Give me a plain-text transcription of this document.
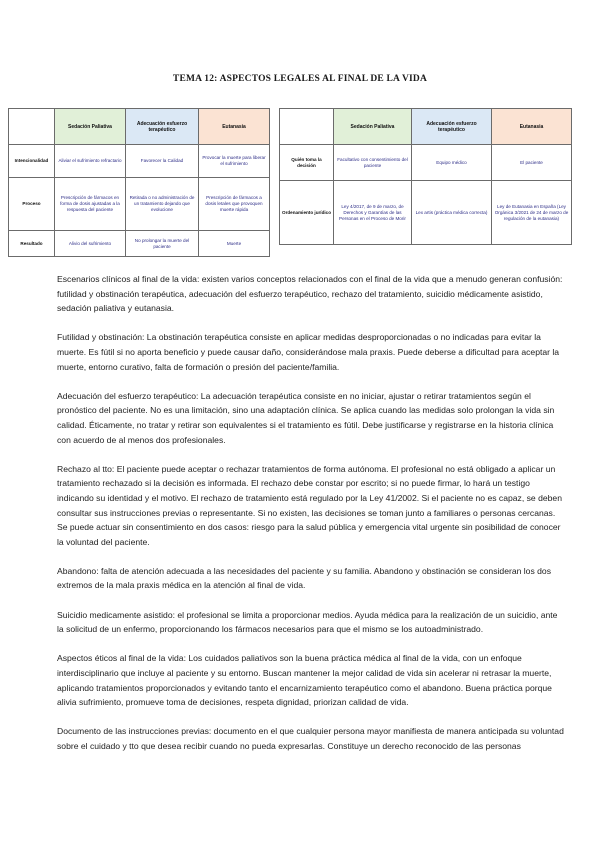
TEMA 12: ASPECTOS LEGALES AL FINAL DE LA VIDA
	Sedación Paliativa	Adecuación esfuerzo terapéutico	Eutanasia
Intencionalidad	Aliviar el sufrimiento refractario	Favorecer la Calidad	Provocar la muerte para liberar el sufrimiento
Proceso	Prescripción de fármacos en forma de dosis ajustadas a la respuesta del paciente	Retirada o no administración de un tratamiento dejando que evolucione	Prescripción de fármacos a dosis letales que provoquen muerte rápida
Resultado	Alivio del sufrimiento	No prolongar la muerte del paciente	Muerte
	Sedación Paliativa	Adecuación esfuerzo terapéutico	Eutanasia
Quién toma la decisión	Facultativo con consentimiento del paciente	Equipo médico	El paciente
Ordenamiento jurídico	Ley 4/2017, de 9 de marzo, de Derechos y Garantías de las Personas en el Proceso de Morir	Lex artis (práctica médica correcta)	Ley de Eutanasia en España (Ley Orgánica 3/2021 de 24 de marzo de regulación de la eutanasia)

Escenarios clínicos al final de la vida: existen varios conceptos relacionados con el final de la vida que a menudo generan confusión: futilidad y obstinación terapéutica, adecuación del esfuerzo terapéutico, rechazo del tratamiento, suicidio médicamente asistido, sedación paliativa y eutanasia.

Futilidad y obstinación: La obstinación terapéutica consiste en aplicar medidas desproporcionadas o no indicadas para evitar la muerte. Es fútil si no aporta beneficio y puede causar daño, considerándose mala praxis. Puede deberse a dificultad para aceptar la muerte, entorno curativo, falta de formación o presión del paciente/familia.

Adecuación del esfuerzo terapéutico: La adecuación terapéutica consiste en no iniciar, ajustar o retirar tratamientos según el pronóstico del paciente. No es una limitación, sino una adaptación clínica. Se aplica cuando las medidas solo prolongan la vida sin calidad. Éticamente, no tratar y retirar son equivalentes si el tratamiento es fútil. Debe justificarse y registrarse en la historia clínica con acuerdo de al menos dos profesionales.

Rechazo al tto: El paciente puede aceptar o rechazar tratamientos de forma autónoma. El profesional no está obligado a aplicar un tratamiento rechazado si la decisión es informada. El rechazo debe constar por escrito; si no puede firmar, lo hará un testigo indicando su identidad y el motivo. El rechazo de tratamiento está regulado por la Ley 41/2002. Si el paciente no es capaz, se deben consultar sus instrucciones previas o representante. Si no existen, las decisiones se toman junto a familiares o personas cercanas. Se puede actuar sin consentimiento en dos casos: riesgo para la salud pública y emergencia vital urgente sin posibilidad de conocer la voluntad del paciente.

Abandono: falta de atención adecuada a las necesidades del paciente y su familia. Abandono y obstinación se consideran los dos extremos de la mala praxis médica en la atención al final de vida.

Suicidio medicamente asistido: el profesional se limita a proporcionar medios. Ayuda médica para la realización de un suicidio, ante la solicitud de un enfermo, proporcionando los fármacos necesarios para que el mismo se los autoadministrado.

Aspectos éticos al final de la vida: Los cuidados paliativos son la buena práctica médica al final de la vida, con un enfoque interdisciplinario que incluye al paciente y su entorno. Buscan mantener la mejor calidad de vida sin acelerar ni retrasar la muerte, aplicando tratamientos proporcionados y evitando tanto el encarnizamiento terapéutico como el abandono. Buena práctica porque alivia sufrimiento, promueve toma de decisiones, respeta dignidad, priorizan calidad de vida.

Documento de las instrucciones previas: documento en el que cualquier persona mayor manifiesta de manera anticipada su voluntad sobre el cuidado y tto que desea recibir cuando no pueda expresarlas. Constituye un derecho reconocido de las personas
